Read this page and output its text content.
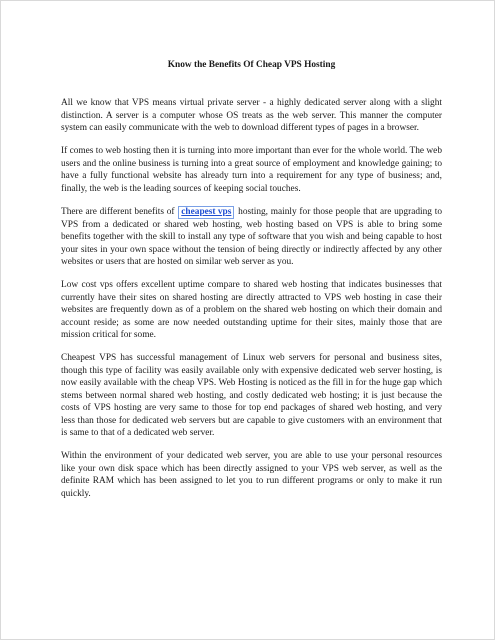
Know the Benefits Of Cheap VPS Hosting

All we know that VPS means virtual private server - a highly dedicated server along with a slight distinction. A server is a computer whose OS treats as the web server. This manner the computer system can easily communicate with the web to download different types of pages in a browser.

If comes to web hosting then it is turning into more important than ever for the whole world. The web users and the online business is turning into a great source of employment and knowledge gaining; to have a fully functional website has already turn into a requirement for any type of business; and, finally, the web is the leading sources of keeping social touches.

There are different benefits of cheapest vps hosting, mainly for those people that are upgrading to VPS from a dedicated or shared web hosting, web hosting based on VPS is able to bring some benefits together with the skill to install any type of software that you wish and being capable to host your sites in your own space without the tension of being directly or indirectly affected by any other websites or users that are hosted on similar web server as you.

Low cost vps offers excellent uptime compare to shared web hosting that indicates businesses that currently have their sites on shared hosting are directly attracted to VPS web hosting in case their websites are frequently down as of a problem on the shared web hosting on which their domain and account reside; as some are now needed outstanding uptime for their sites, mainly those that are mission critical for some.

Cheapest VPS has successful management of Linux web servers for personal and business sites, though this type of facility was easily available only with expensive dedicated web server hosting, is now easily available with the cheap VPS. Web Hosting is noticed as the fill in for the huge gap which stems between normal shared web hosting, and costly dedicated web hosting; it is just because the costs of VPS hosting are very same to those for top end packages of shared web hosting, and very less than those for dedicated web servers but are capable to give customers with an environment that is same to that of a dedicated web server.

Within the environment of your dedicated web server, you are able to use your personal resources like your own disk space which has been directly assigned to your VPS web server, as well as the definite RAM which has been assigned to let you to run different programs or only to make it run quickly.
